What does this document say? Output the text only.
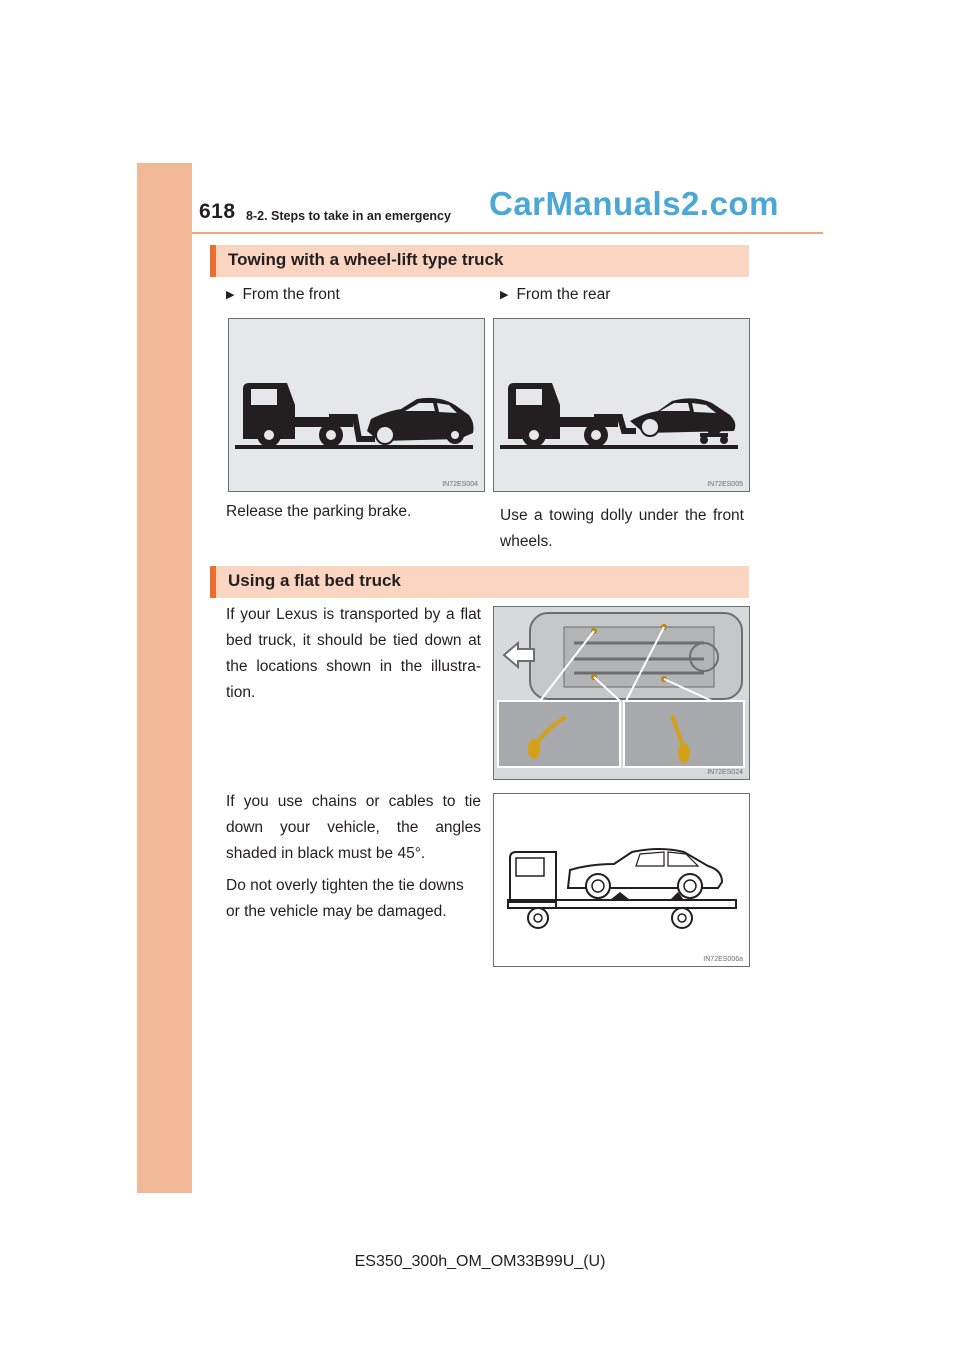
618 8-2. Steps to take in an emergency CarManuals2.com
Towing with a wheel-lift type truck
▶ From the front	▶ From the rear
IN72ES004	IN72ES005
Release the parking brake.	Use a towing dolly under the front
wheels.
Using a flat bed truck
If your Lexus is transported by a flat
bed truck, it should be tied down at
the locations shown in the illustra-
tion.
If you use chains or cables to tie
down your vehicle, the angles
shaded in black must be 45°.
Do not overly tighten the tie downs
or the vehicle may be damaged.
IN72ES024
IN72ES006a
ES350_300h_OM_OM33B99U_(U)
